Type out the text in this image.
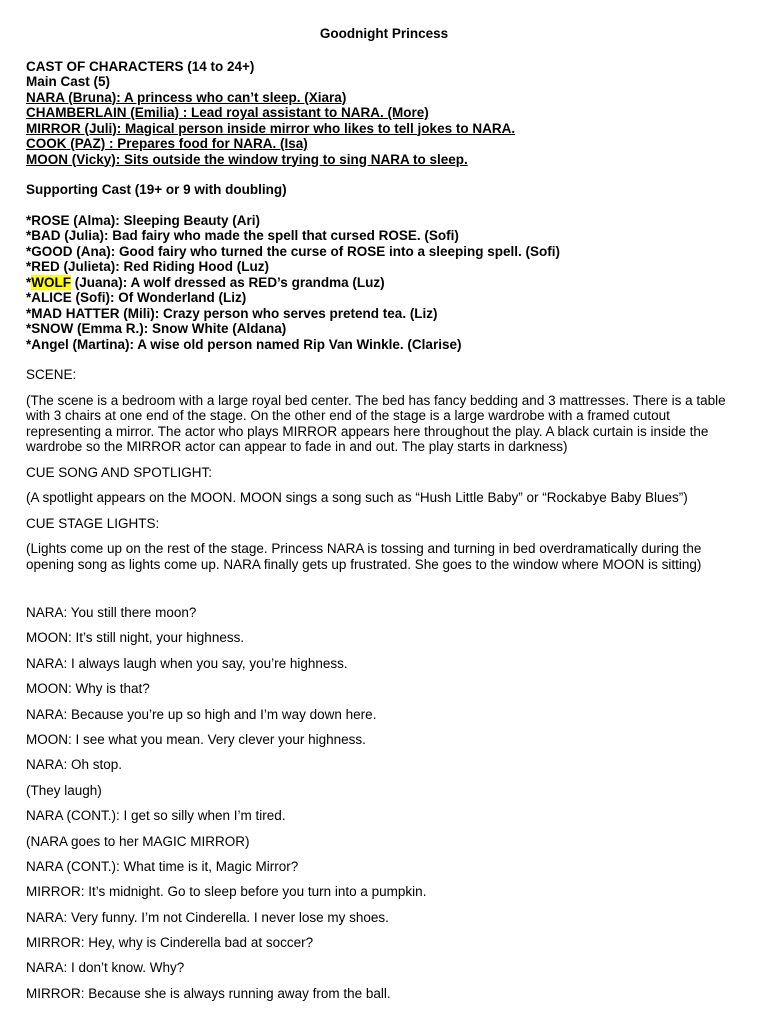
Goodnight Princess
CAST OF CHARACTERS (14 to 24+)
Main Cast (5)
NARA (Bruna): A princess who can’t sleep. (Xiara)
CHAMBERLAIN (Emilia) : Lead royal assistant to NARA. (More)
MIRROR (Juli): Magical person inside mirror who likes to tell jokes to NARA.
COOK (PAZ) : Prepares food for NARA. (Isa)
MOON (Vicky): Sits outside the window trying to sing NARA to sleep.
Supporting Cast (19+ or 9 with doubling)
*ROSE (Alma): Sleeping Beauty (Ari)
*BAD (Julia): Bad fairy who made the spell that cursed ROSE. (Sofi)
*GOOD (Ana): Good fairy who turned the curse of ROSE into a sleeping spell. (Sofi)
*RED (Julieta): Red Riding Hood (Luz)
*WOLF (Juana): A wolf dressed as RED’s grandma (Luz)
*ALICE (Sofi): Of Wonderland (Liz)
*MAD HATTER (Mili): Crazy person who serves pretend tea. (Liz)
*SNOW (Emma R.): Snow White (Aldana)
*Angel (Martina): A wise old person named Rip Van Winkle. (Clarise)
SCENE:
(The scene is a bedroom with a large royal bed center. The bed has fancy bedding and 3 mattresses. There is a table with 3 chairs at one end of the stage. On the other end of the stage is a large wardrobe with a framed cutout representing a mirror. The actor who plays MIRROR appears here throughout the play. A black curtain is inside the wardrobe so the MIRROR actor can appear to fade in and out. The play starts in darkness)
CUE SONG AND SPOTLIGHT:
(A spotlight appears on the MOON. MOON sings a song such as “Hush Little Baby” or “Rockabye Baby Blues”)
CUE STAGE LIGHTS:
(Lights come up on the rest of the stage. Princess NARA is tossing and turning in bed overdramatically during the opening song as lights come up. NARA finally gets up frustrated. She goes to the window where MOON is sitting)
NARA: You still there moon?
MOON: It’s still night, your highness.
NARA: I always laugh when you say, you’re highness.
MOON: Why is that?
NARA: Because you’re up so high and I’m way down here.
MOON: I see what you mean. Very clever your highness.
NARA: Oh stop.
(They laugh)
NARA (CONT.): I get so silly when I’m tired.
(NARA goes to her MAGIC MIRROR)
NARA (CONT.): What time is it, Magic Mirror?
MIRROR: It’s midnight. Go to sleep before you turn into a pumpkin.
NARA: Very funny. I’m not Cinderella. I never lose my shoes.
MIRROR: Hey, why is Cinderella bad at soccer?
NARA: I don’t know. Why?
MIRROR: Because she is always running away from the ball.
